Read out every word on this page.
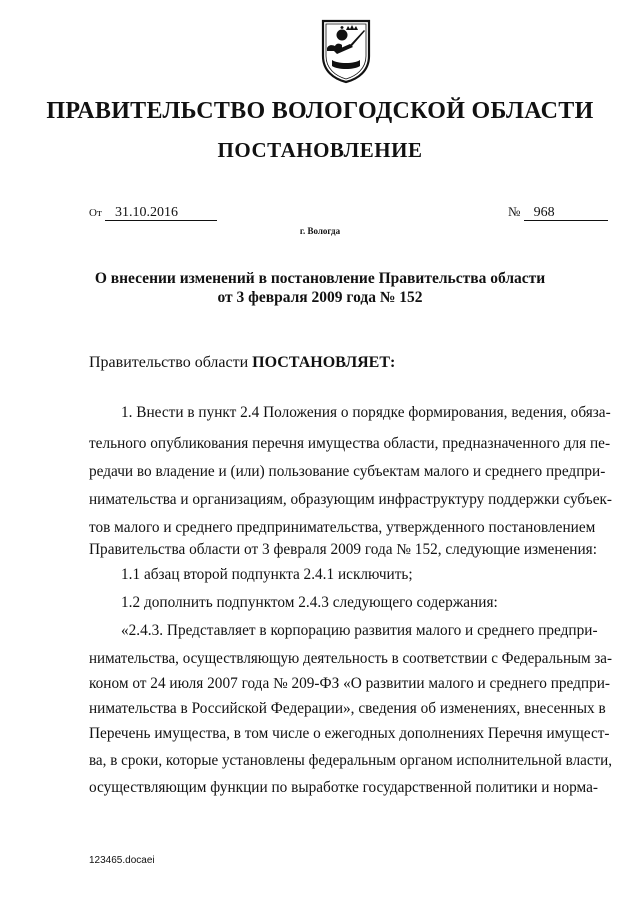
ПРАВИТЕЛЬСТВО ВОЛОГОДСКОЙ ОБЛАСТИ
ПОСТАНОВЛЕНИЕ
От 31.10.2016	№ 968
г. Вологда
О внесении изменений в постановление Правительства области
от 3 февраля 2009 года № 152
Правительство области ПОСТАНОВЛЯЕТ:
1. Внести в пункт 2.4 Положения о порядке формирования, ведения, обяза-
тельного опубликования перечня имущества области, предназначенного для пе-
редачи во владение и (или) пользование субъектам малого и среднего предпри-
нимательства и организациям, образующим инфраструктуру поддержки субъек-
тов малого и среднего предпринимательства, утвержденного постановлением
Правительства области от 3 февраля 2009 года № 152, следующие изменения:
1.1 абзац второй подпункта 2.4.1 исключить;
1.2 дополнить подпунктом 2.4.3 следующего содержания:
«2.4.3. Представляет в корпорацию развития малого и среднего предпри-
нимательства, осуществляющую деятельность в соответствии с Федеральным за-
коном от 24 июля 2007 года № 209-ФЗ «О развитии малого и среднего предпри-
нимательства в Российской Федерации», сведения об изменениях, внесенных в
Перечень имущества, в том числе о ежегодных дополнениях Перечня имущест-
ва, в сроки, которые установлены федеральным органом исполнительной власти,
осуществляющим функции по выработке государственной политики и норма-
123465.docaei
